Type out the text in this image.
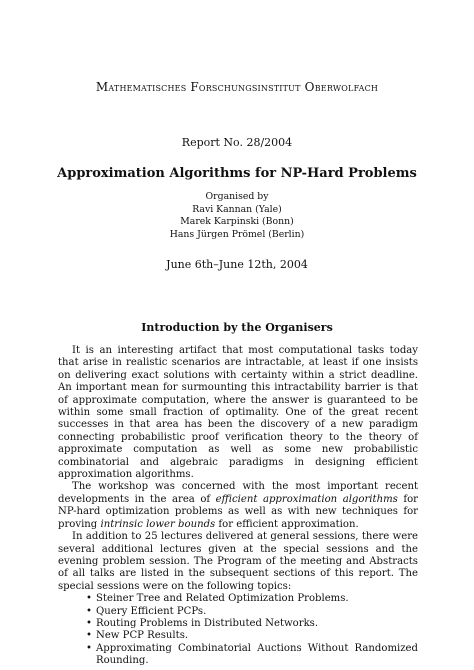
Mathematisches Forschungsinstitut Oberwolfach
Report No. 28/2004
Approximation Algorithms for NP-Hard Problems
Organised by
Ravi Kannan (Yale)
Marek Karpinski (Bonn)
Hans Jürgen Prömel (Berlin)
June 6th–June 12th, 2004
Introduction by the Organisers

It is an interesting artifact that most computational tasks today that arise in realistic scenarios are intractable, at least if one insists on delivering exact solutions with certainty within a strict deadline. An important mean for surmounting this intractability barrier is that of approximate computation, where the answer is guaranteed to be within some small fraction of optimality. One of the great recent successes in that area has been the discovery of a new paradigm connecting probabilistic proof verification theory to the theory of approximate computation as well as some new probabilistic combinatorial and algebraic paradigms in designing efficient approximation algorithms.

The workshop was concerned with the most important recent developments in the area of efficient approximation algorithms for NP-hard optimization problems as well as with new techniques for proving intrinsic lower bounds for efficient approximation.

In addition to 25 lectures delivered at general sessions, there were several additional lectures given at the special sessions and the evening problem session. The Program of the meeting and Abstracts of all talks are listed in the subsequent sections of this report. The special sessions were on the following topics:

• Steiner Tree and Related Optimization Problems.
• Query Efficient PCPs.
• Routing Problems in Distributed Networks.
• New PCP Results.
• Approximating Combinatorial Auctions Without Randomized Rounding.
